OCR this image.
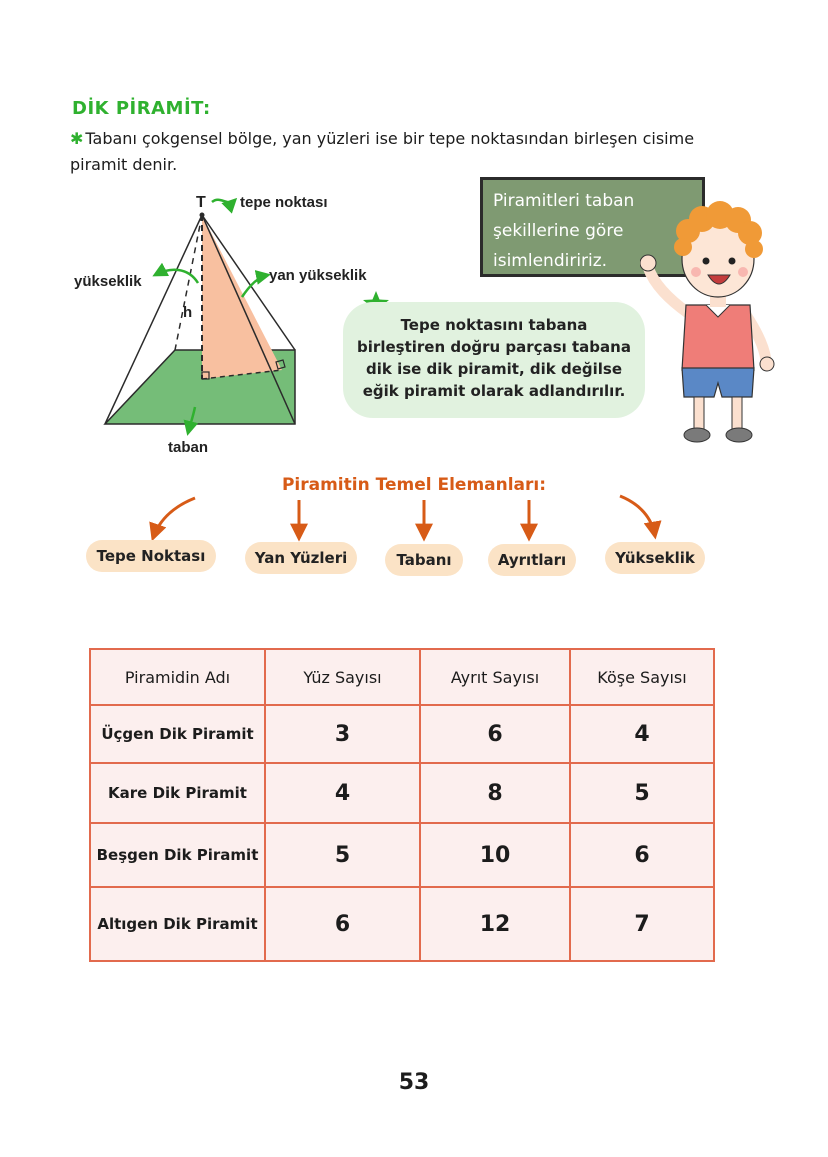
DİK PİRAMİT:
✱ Tabanı çokgensel bölge, yan yüzleri ise bir tepe noktasından birleşen cisime piramit denir.
T tepe noktası
yükseklik	yan yükseklik
h
taban
Piramitleri taban şekillerine göre isimlendiririz.
Tepe noktasını tabana birleştiren doğru parçası tabana dik ise dik piramit, dik değilse eğik piramit olarak adlandırılır.
Piramitin Temel Elemanları:
Tepe Noktası	Yan Yüzleri	Tabanı	Ayrıtları	Yükseklik
Piramidin Adı	Yüz Sayısı	Ayrıt Sayısı	Köşe Sayısı
Üçgen Dik Piramit	3	6	4
Kare Dik Piramit	4	8	5
Beşgen Dik Piramit	5	10	6
Altıgen Dik Piramit	6	12	7
53
